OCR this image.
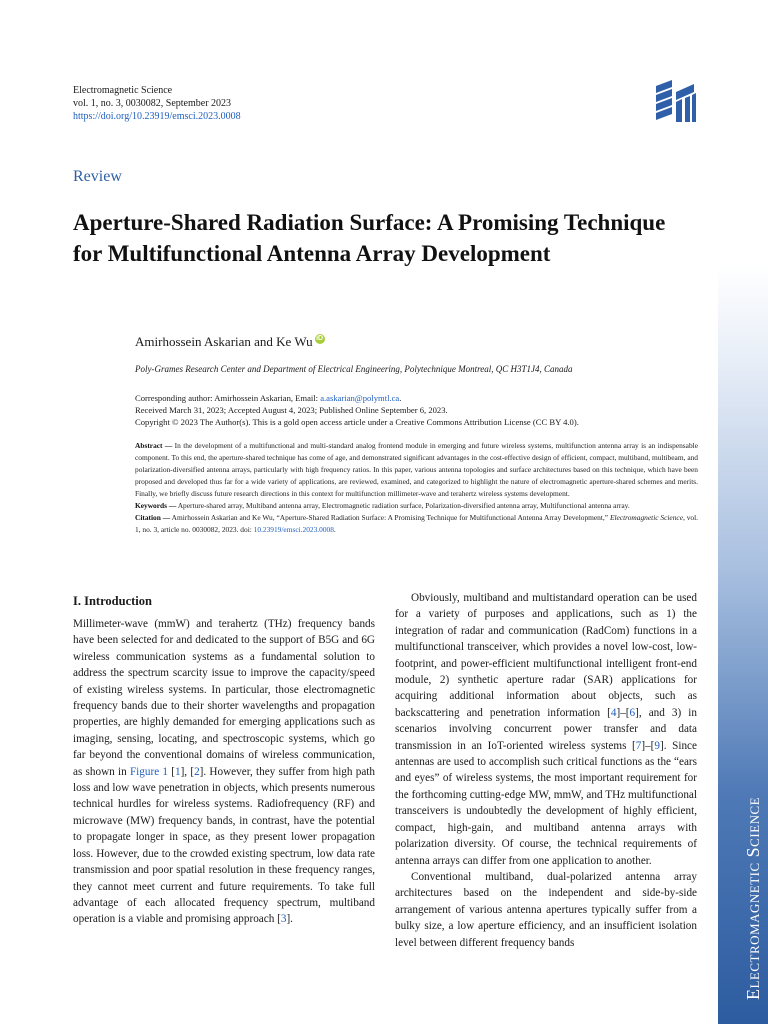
Electromagnetic Science
vol. 1, no. 3, 0030082, September 2023
https://doi.org/10.23919/emsci.2023.0008
Review
Aperture-Shared Radiation Surface: A Promising Technique for Multifunctional Antenna Array Development
Amirhossein Askarian and Ke Wu iD
Poly-Grames Research Center and Department of Electrical Engineering, Polytechnique Montreal, QC H3T1J4, Canada
Corresponding author: Amirhossein Askarian, Email: a.askarian@polymtl.ca.
Received March 31, 2023; Accepted August 4, 2023; Published Online September 6, 2023.
Copyright © 2023 The Author(s). This is a gold open access article under a Creative Commons Attribution License (CC BY 4.0).

Abstract — In the development of a multifunctional and multi-standard analog frontend module in emerging and future wireless systems, multifunction antenna array is an indispensable component. To this end, the aperture-shared technique has come of age, and demonstrated significant advantages in the cost-effective design of efficient, compact, multiband, multibeam, and polarization-diversified antenna arrays, particularly with high frequency ratios. In this paper, various antenna topologies and surface architectures based on this technique, which have been proposed and developed thus far for a wide variety of applications, are reviewed, examined, and categorized to highlight the nature of electromagnetic aperture-shared schemes and merits. Finally, we briefly discuss future research directions in this context for multifunction millimeter-wave and terahertz wireless systems development.

Keywords — Aperture-shared array, Multiband antenna array, Electromagnetic radiation surface, Polarization-diversified antenna array, Multifunctional antenna array.

Citation — Amirhossein Askarian and Ke Wu, “Aperture-Shared Radiation Surface: A Promising Technique for Multifunctional Antenna Array Development,” Electromagnetic Science, vol. 1, no. 3, article no. 0030082, 2023. doi: 10.23919/emsci.2023.0008.

I. Introduction

Millimeter-wave (mmW) and terahertz (THz) frequency bands have been selected for and dedicated to the support of B5G and 6G wireless communication systems as a fundamental solution to address the spectrum scarcity issue to improve the capacity/speed of existing wireless systems. In particular, those electromagnetic frequency bands due to their shorter wavelengths and propagation properties, are highly demanded for emerging applications such as imaging, sensing, locating, and spectroscopic systems, which go far beyond the conventional domains of wireless communication, as shown in Figure 1 [1], [2]. However, they suffer from high path loss and low wave penetration in objects, which presents numerous technical hurdles for wireless systems. Radiofrequency (RF) and microwave (MW) frequency bands, in contrast, have the potential to propagate longer in space, as they present lower propagation loss. However, due to the crowded existing spectrum, low data rate transmission and poor spatial resolution in these frequency ranges, they cannot meet current and future requirements. To take full advantage of each allocated frequency spectrum, multiband operation is a viable and promising approach [3].

Obviously, multiband and multistandard operation can be used for a variety of purposes and applications, such as 1) the integration of radar and communication (RadCom) functions in a multifunctional transceiver, which provides a novel low-cost, low-footprint, and power-efficient multifunctional intelligent front-end module, 2) synthetic aperture radar (SAR) applications for acquiring additional information about objects, such as backscattering and penetration information [4]–[6], and 3) in scenarios involving concurrent power transfer and data transmission in an IoT-oriented wireless systems [7]–[9]. Since antennas are used to accomplish such critical functions as the “ears and eyes” of wireless systems, the most important requirement for the forthcoming cutting-edge MW, mmW, and THz multifunctional transceivers is undoubtedly the development of highly efficient, compact, high-gain, and multiband antenna arrays with polarization diversity. Of course, the technical requirements of antenna arrays can differ from one application to another.

Conventional multiband, dual-polarized antenna array architectures based on the independent and side-by-side arrangement of various antenna apertures typically suffer from a bulky size, a low aperture efficiency, and an insufficient isolation level between different frequency bands	Electromagnetic Science
